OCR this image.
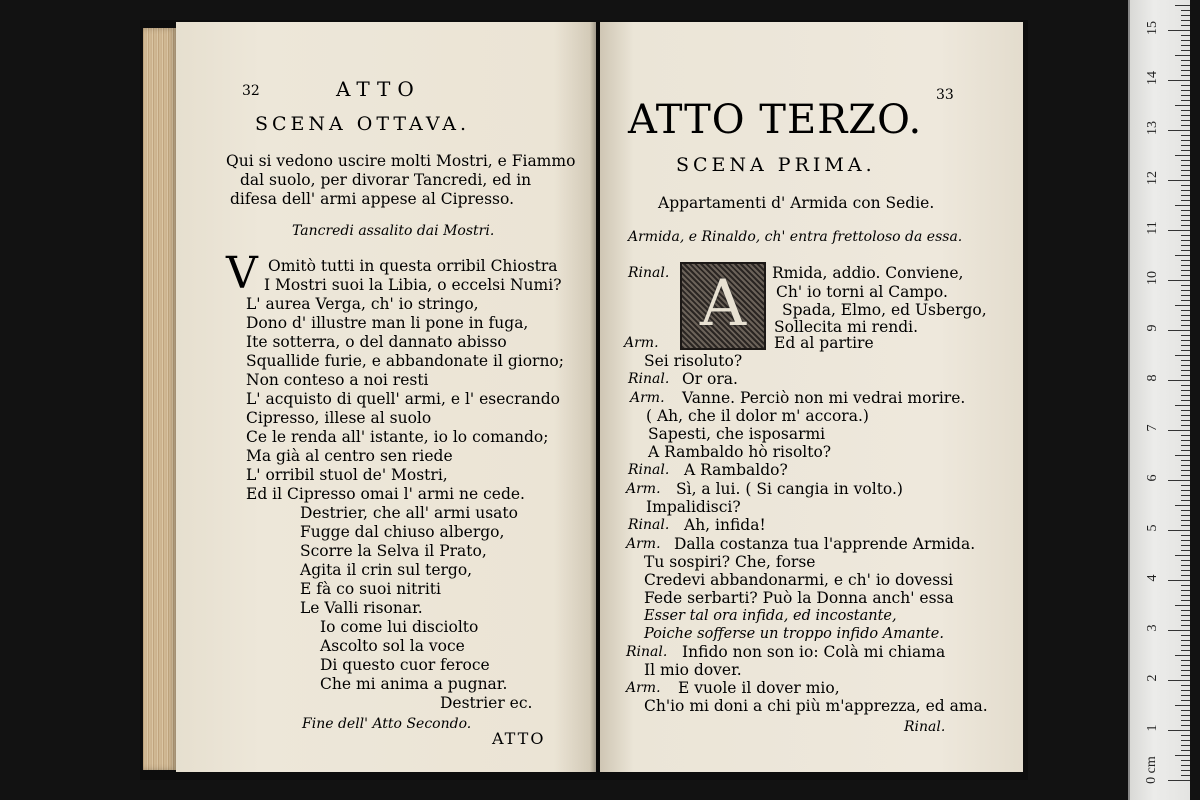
32	ATTO
SCENA OTTAVA.
Qui si vedono uscire molti Mostri, e Fiammo
dal suolo, per divorar Tancredi, ed in
difesa dell' armi appese al Cipresso.
Tancredi assalito dai Mostri.
V Omitò tutti in questa orribil Chiostra
I Mostri suoi la Libia, o eccelsi Numi?
L' aurea Verga, ch' io stringo,
Dono d' illustre man li pone in fuga,
Ite sotterra, o del dannato abisso
Squallide furie, e abbandonate il giorno;
Non conteso a noi resti
L' acquisto di quell' armi, e l' esecrando
Cipresso, illese al suolo
Ce le renda all' istante, io lo comando;
Ma già al centro sen riede
L' orribil stuol de' Mostri,
Ed il Cipresso omai l' armi ne cede.
Destrier, che all' armi usato
Fugge dal chiuso albergo,
Scorre la Selva il Prato,
Agita il crin sul tergo,
E fà co suoi nitriti
Le Valli risonar.
Io come lui disciolto
Ascolto sol la voce
Di questo cuor feroce
Che mi anima a pugnar.
Destrier ec.
Fine dell' Atto Secondo.
ATTO
33
ATTO TERZO.
SCENA PRIMA.
Appartamenti d' Armida con Sedie.
Armida, e Rinaldo, ch' entra frettoloso da essa.
A
Rinal.	Rmida, addio. Conviene,
Ch' io torni al Campo.
Spada, Elmo, ed Usbergo,
Sollecita mi rendi.
Arm.	Ed al partire
Sei risoluto?
Rinal. Or ora.
Arm. Vanne. Perciò non mi vedrai morire.
( Ah, che il dolor m' accora.)
Sapesti, che isposarmi
A Rambaldo hò risolto?
Rinal. A Rambaldo?
Arm. Sì, a lui. ( Si cangia in volto.)
Impalidisci?
Rinal. Ah, infida!
Arm. Dalla costanza tua l'apprende Armida.
Tu sospiri? Che, forse
Credevi abbandonarmi, e ch' io dovessi
Fede serbarti? Può la Donna anch' essa
Esser tal ora infida, ed incostante,
Poiche sofferse un troppo infido Amante.
Rinal. Infido non son io: Colà mi chiama
Il mio dover.
Arm. E vuole il dover mio,
Ch'io mi doni a chi più m'apprezza, ed ama.
Rinal.
0 cm
1
2
3
4
5
6
7
8
9
10
11
12
13
14
15
